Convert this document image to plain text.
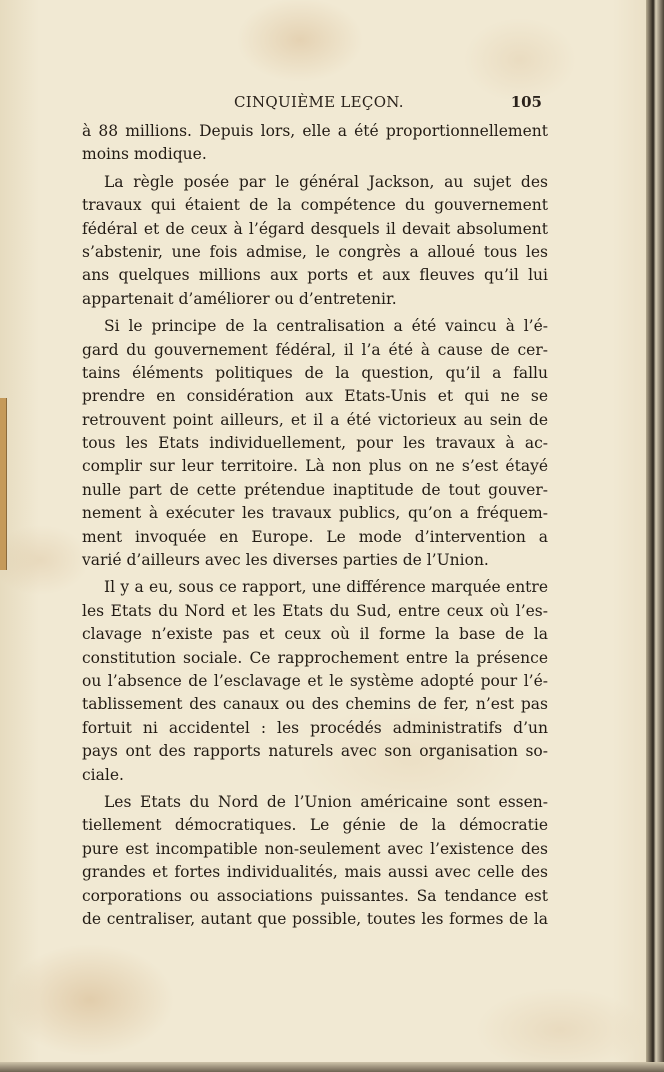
CINQUIÈME LEÇON.	105
à 88 millions. Depuis lors, elle a été proportionnellement
moins modique.
La règle posée par le général Jackson, au sujet des
travaux qui étaient de la compétence du gouvernement
fédéral et de ceux à l’égard desquels il devait absolument
s’abstenir, une fois admise, le congrès a alloué tous les
ans quelques millions aux ports et aux fleuves qu’il lui
appartenait d’améliorer ou d’entretenir.
Si le principe de la centralisation a été vaincu à l’é-
gard du gouvernement fédéral, il l’a été à cause de cer-
tains éléments politiques de la question, qu’il a fallu
prendre en considération aux Etats-Unis et qui ne se
retrouvent point ailleurs, et il a été victorieux au sein de
tous les Etats individuellement, pour les travaux à ac-
complir sur leur territoire. Là non plus on ne s’est étayé
nulle part de cette prétendue inaptitude de tout gouver-
nement à exécuter les travaux publics, qu’on a fréquem-
ment invoquée en Europe. Le mode d’intervention a
varié d’ailleurs avec les diverses parties de l’Union.
Il y a eu, sous ce rapport, une différence marquée entre
les Etats du Nord et les Etats du Sud, entre ceux où l’es-
clavage n’existe pas et ceux où il forme la base de la
constitution sociale. Ce rapprochement entre la présence
ou l’absence de l’esclavage et le système adopté pour l’é-
tablissement des canaux ou des chemins de fer, n’est pas
fortuit ni accidentel : les procédés administratifs d’un
pays ont des rapports naturels avec son organisation so-
ciale.
Les Etats du Nord de l’Union américaine sont essen-
tiellement démocratiques. Le génie de la démocratie
pure est incompatible non-seulement avec l’existence des
grandes et fortes individualités, mais aussi avec celle des
corporations ou associations puissantes. Sa tendance est
de centraliser, autant que possible, toutes les formes de la
